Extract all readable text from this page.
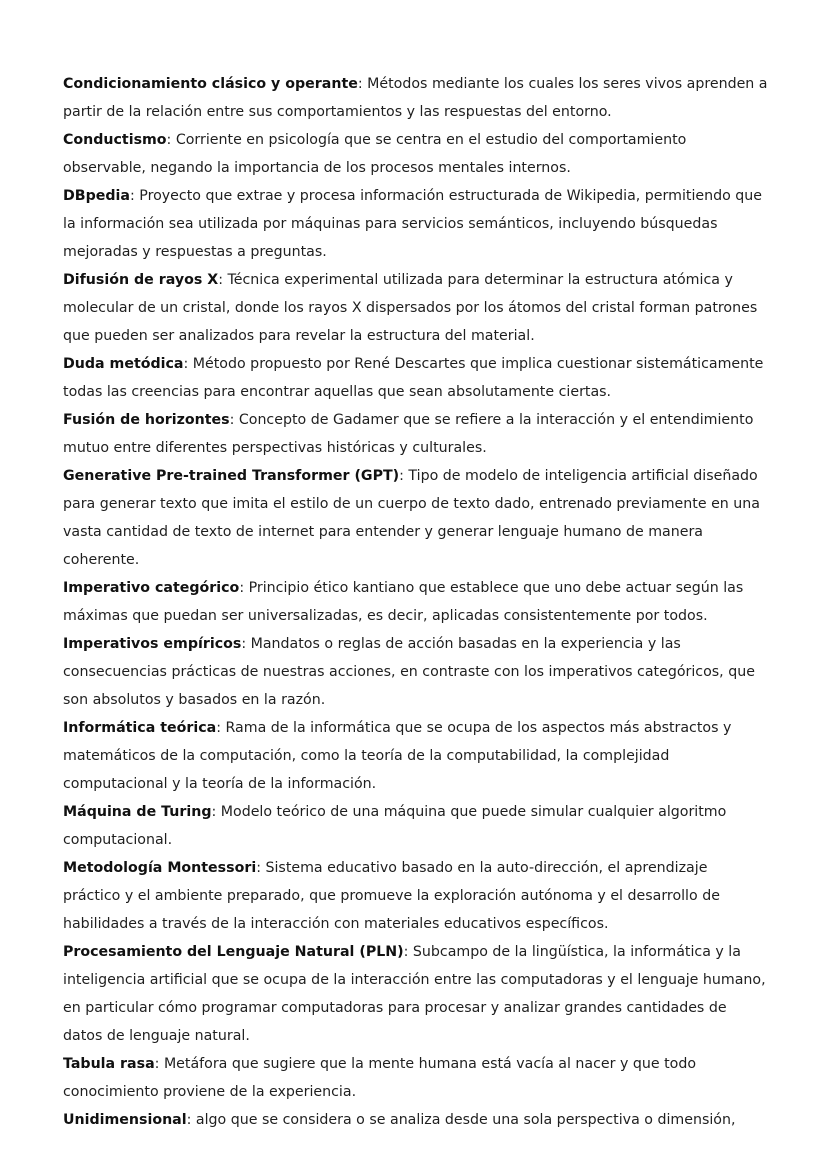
Condicionamiento clásico y operante: Métodos mediante los cuales los seres vivos aprenden a partir de la relación entre sus comportamientos y las respuestas del entorno.

Conductismo: Corriente en psicología que se centra en el estudio del comportamiento observable, negando la importancia de los procesos mentales internos.

DBpedia: Proyecto que extrae y procesa información estructurada de Wikipedia, permitiendo que la información sea utilizada por máquinas para servicios semánticos, incluyendo búsquedas mejoradas y respuestas a preguntas.

Difusión de rayos X: Técnica experimental utilizada para determinar la estructura atómica y molecular de un cristal, donde los rayos X dispersados por los átomos del cristal forman patrones que pueden ser analizados para revelar la estructura del material.

Duda metódica: Método propuesto por René Descartes que implica cuestionar sistemáticamente todas las creencias para encontrar aquellas que sean absolutamente ciertas.

Fusión de horizontes: Concepto de Gadamer que se refiere a la interacción y el entendimiento mutuo entre diferentes perspectivas históricas y culturales.

Generative Pre-trained Transformer (GPT): Tipo de modelo de inteligencia artificial diseñado para generar texto que imita el estilo de un cuerpo de texto dado, entrenado previamente en una vasta cantidad de texto de internet para entender y generar lenguaje humano de manera coherente.

Imperativo categórico: Principio ético kantiano que establece que uno debe actuar según las máximas que puedan ser universalizadas, es decir, aplicadas consistentemente por todos.

Imperativos empíricos: Mandatos o reglas de acción basadas en la experiencia y las consecuencias prácticas de nuestras acciones, en contraste con los imperativos categóricos, que son absolutos y basados en la razón.

Informática teórica: Rama de la informática que se ocupa de los aspectos más abstractos y matemáticos de la computación, como la teoría de la computabilidad, la complejidad computacional y la teoría de la información.

Máquina de Turing: Modelo teórico de una máquina que puede simular cualquier algoritmo computacional.

Metodología Montessori: Sistema educativo basado en la auto-dirección, el aprendizaje práctico y el ambiente preparado, que promueve la exploración autónoma y el desarrollo de habilidades a través de la interacción con materiales educativos específicos.

Procesamiento del Lenguaje Natural (PLN): Subcampo de la lingüística, la informática y la inteligencia artificial que se ocupa de la interacción entre las computadoras y el lenguaje humano, en particular cómo programar computadoras para procesar y analizar grandes cantidades de datos de lenguaje natural.

Tabula rasa: Metáfora que sugiere que la mente humana está vacía al nacer y que todo conocimiento proviene de la experiencia.

Unidimensional: algo que se considera o se analiza desde una sola perspectiva o dimensión,
